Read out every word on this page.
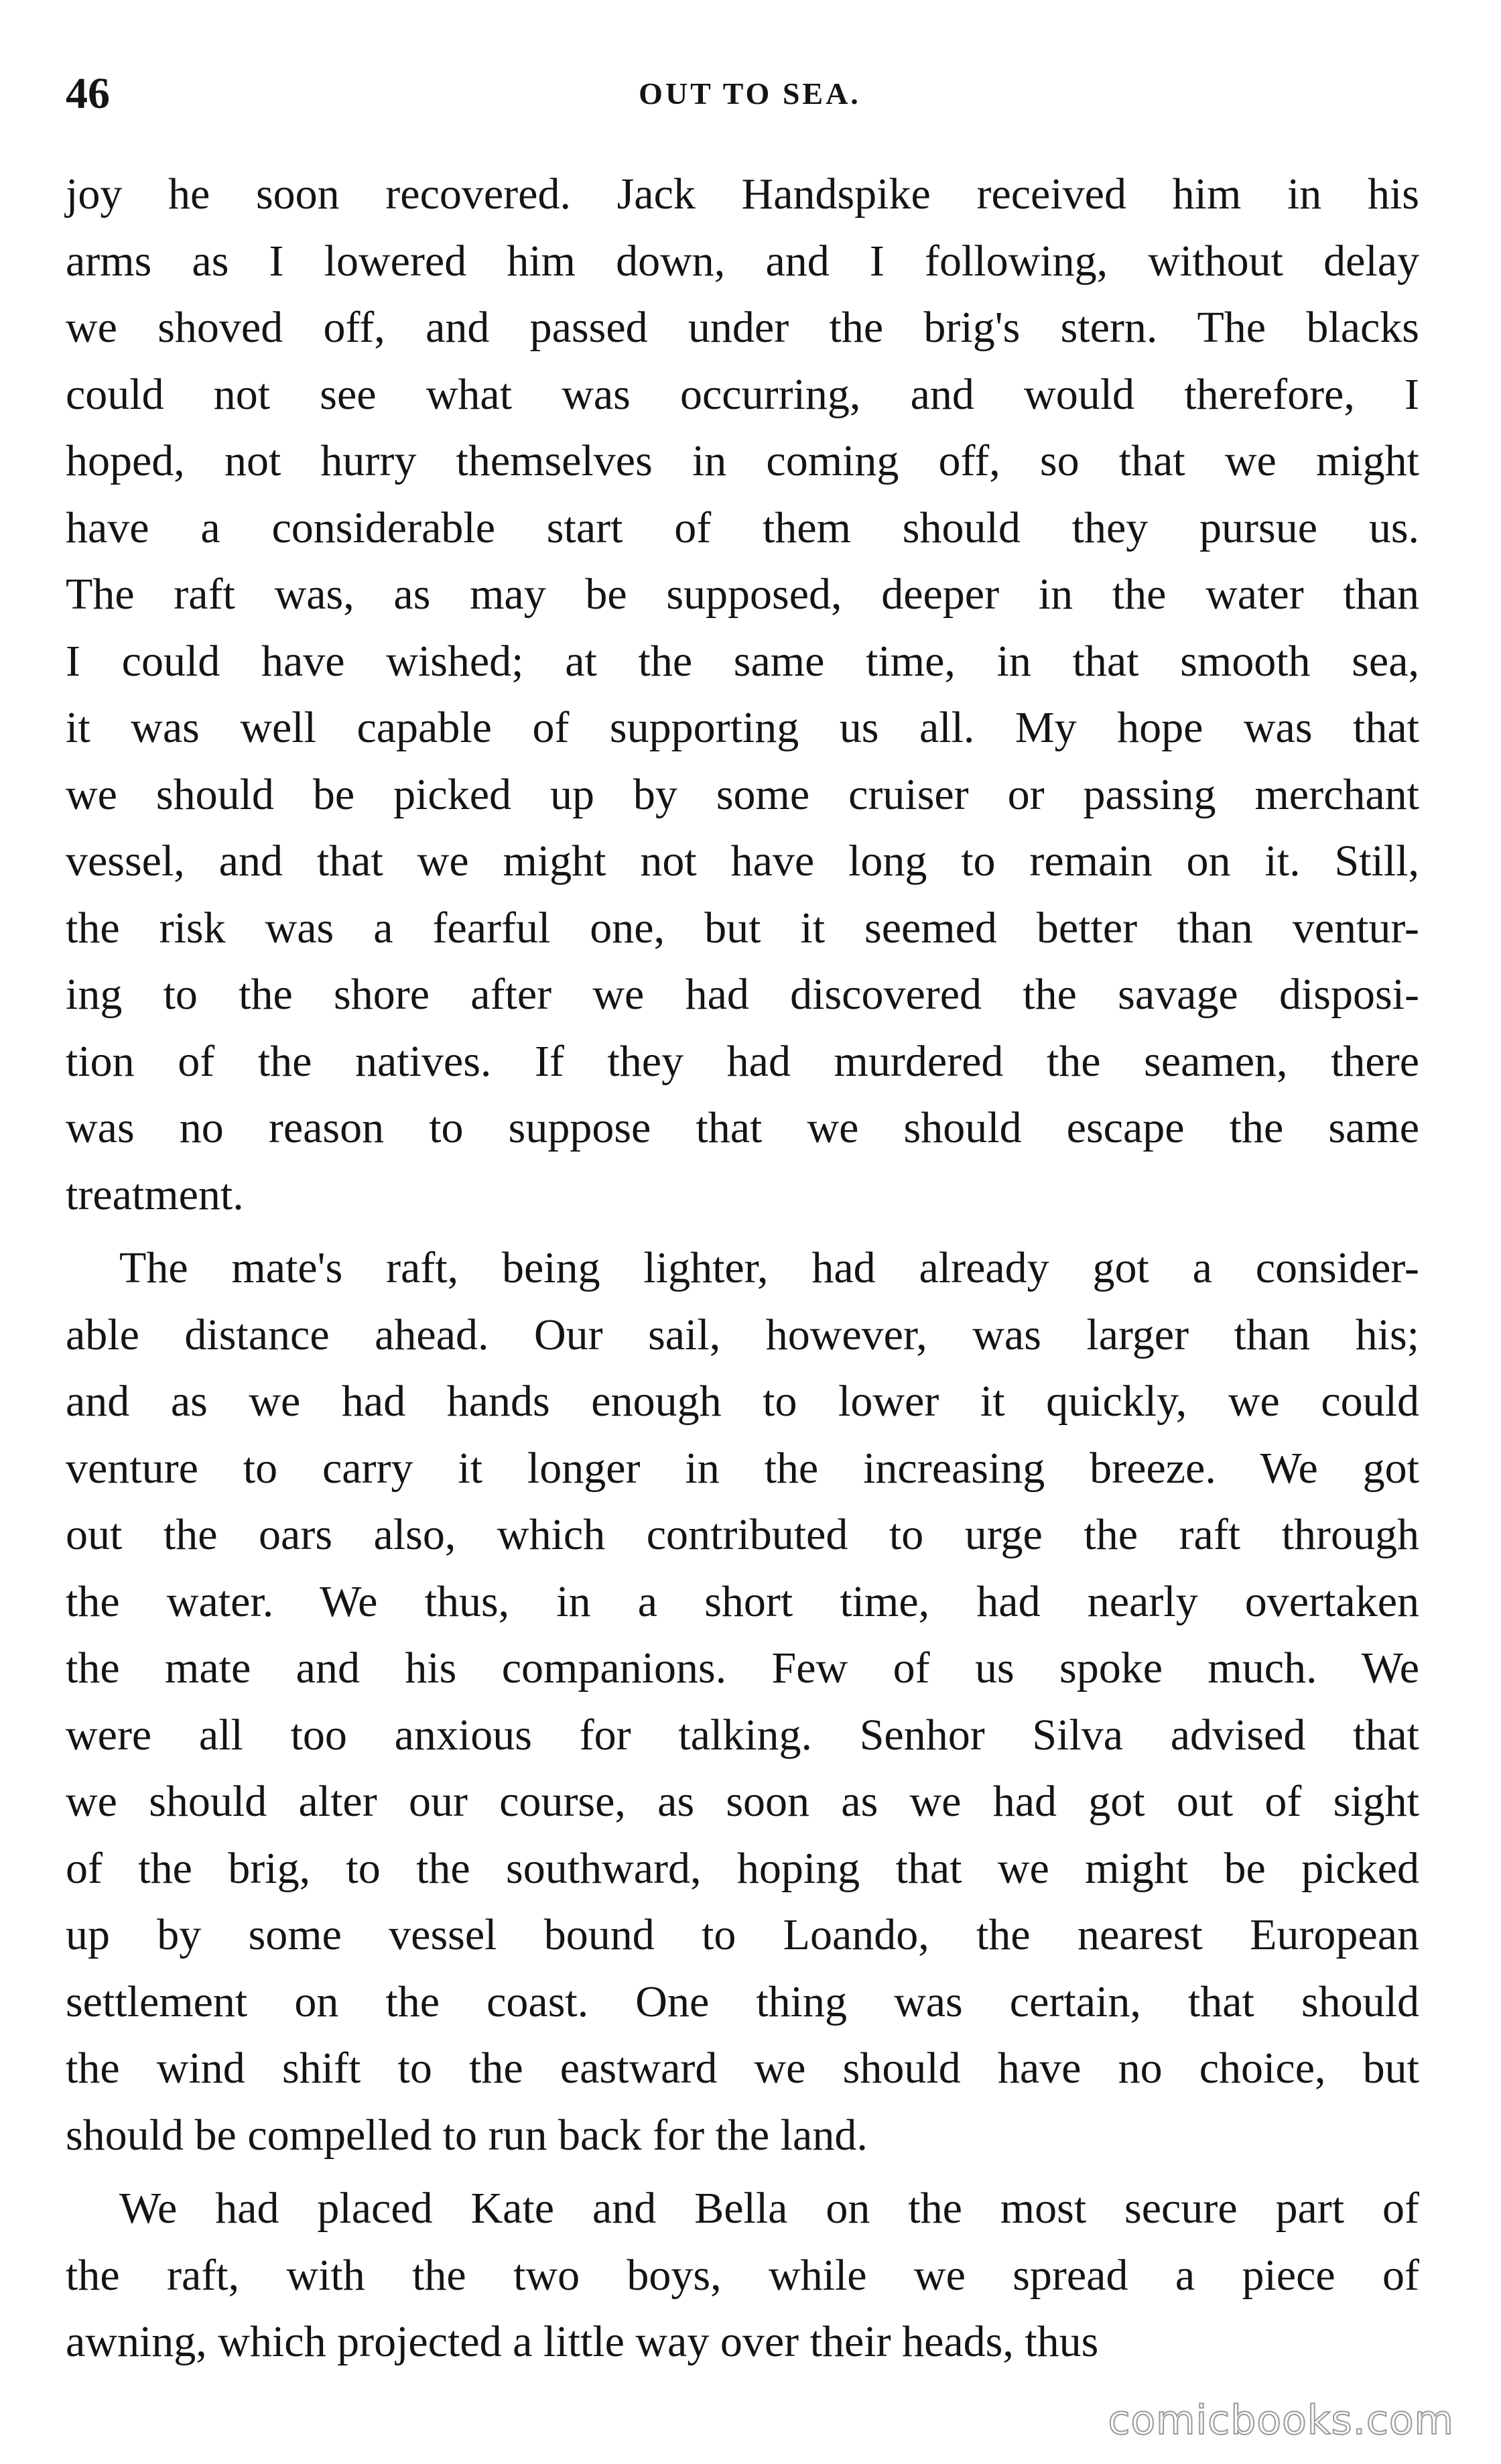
46	OUT TO SEA.
joy he soon recovered. Jack Handspike received him in his
arms as I lowered him down, and I following, without delay
we shoved off, and passed under the brig's stern. The blacks
could not see what was occurring, and would therefore, I
hoped, not hurry themselves in coming off, so that we might
have a considerable start of them should they pursue us.
The raft was, as may be supposed, deeper in the water than
I could have wished; at the same time, in that smooth sea,
it was well capable of supporting us all. My hope was that
we should be picked up by some cruiser or passing merchant
vessel, and that we might not have long to remain on it. Still,
the risk was a fearful one, but it seemed better than ventur-
ing to the shore after we had discovered the savage disposi-
tion of the natives. If they had murdered the seamen, there
was no reason to suppose that we should escape the same
treatment.
The mate's raft, being lighter, had already got a consider-
able distance ahead. Our sail, however, was larger than his;
and as we had hands enough to lower it quickly, we could
venture to carry it longer in the increasing breeze. We got
out the oars also, which contributed to urge the raft through
the water. We thus, in a short time, had nearly overtaken
the mate and his companions. Few of us spoke much. We
were all too anxious for talking. Senhor Silva advised that
we should alter our course, as soon as we had got out of sight
of the brig, to the southward, hoping that we might be picked
up by some vessel bound to Loando, the nearest European
settlement on the coast. One thing was certain, that should
the wind shift to the eastward we should have no choice, but
should be compelled to run back for the land.
We had placed Kate and Bella on the most secure part of
the raft, with the two boys, while we spread a piece of
awning, which projected a little way over their heads, thus
comicbooks.com
